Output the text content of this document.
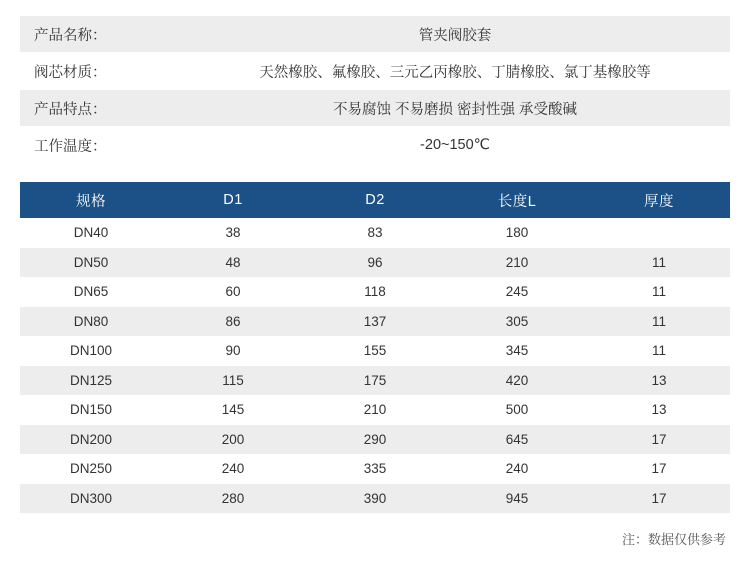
产品名称：	管夹阀胶套

阀芯材质：	天然橡胶、氟橡胶、三元乙丙橡胶、丁腈橡胶、氯丁基橡胶等

产品特点：	不易腐蚀 不易磨损 密封性强 承受酸碱

工作温度：	-20~150℃
规格	D1	D2	长度L	厚度
DN40	38	83	180	
DN50	48	96	210	11
DN65	60	118	245	11
DN80	86	137	305	11
DN100	90	155	345	11
DN125	115	175	420	13
DN150	145	210	500	13
DN200	200	290	645	17
DN250	240	335	240	17
DN300	280	390	945	17
注：数据仅供参考
